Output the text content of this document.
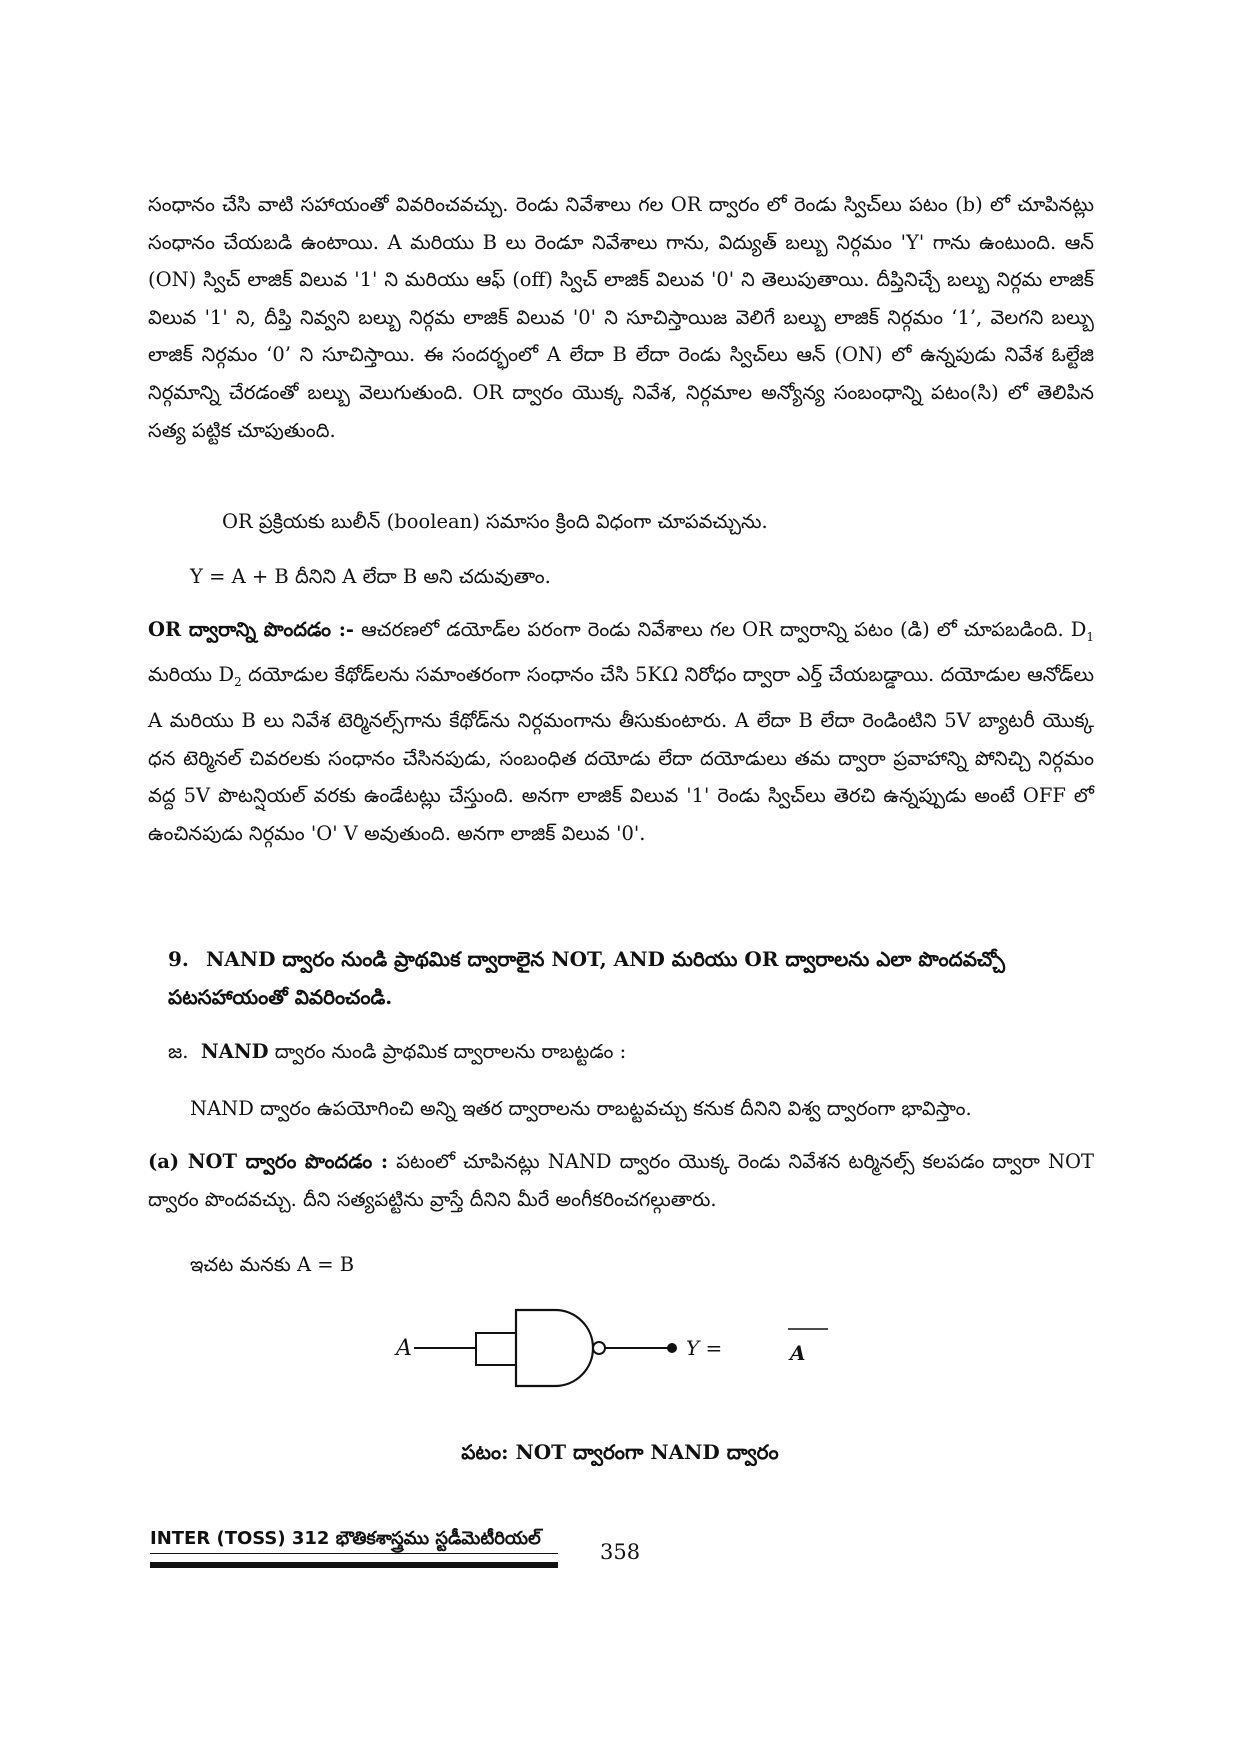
సంధానం చేసి వాటి సహాయంతో వివరించవచ్చు. రెండు నివేశాలు గల OR ద్వారం లో రెండు స్విచ్‌లు పటం (b) లో చూపినట్లు సంధానం చేయబడి ఉంటాయి. A మరియు B లు రెండూ నివేశాలు గాను, విద్యుత్ బల్బు నిర్గమం 'Y' గాను ఉంటుంది. ఆన్ (ON) స్విచ్ లాజిక్ విలువ '1' ని మరియు ఆఫ్ (off) స్విచ్ లాజిక్ విలువ '0' ని తెలుపుతాయి. దీప్తినిచ్చే బల్బు నిర్గమ లాజిక్ విలువ '1' ని, దీప్తి నివ్వని బల్బు నిర్గమ లాజిక్ విలువ '0' ని సూచిస్తాయిజ వెలిగే బల్బు లాజిక్ నిర్గమం ‘1’, వెలగని బల్బు లాజిక్ నిర్గమం ‘0’ ని సూచిస్తాయి. ఈ సందర్భంలో A లేదా B లేదా రెండు స్విచ్‌లు ఆన్ (ON) లో ఉన్నపుడు నివేశ ఓల్టేజి నిర్గమాన్ని చేరడంతో బల్బు వెలుగుతుంది. OR ద్వారం యొక్క నివేశ, నిర్గమాల అన్యోన్య సంబంధాన్ని పటం(సి) లో తెలిపిన సత్య పట్టిక చూపుతుంది.

OR ప్రక్రియకు బులీన్ (boolean) సమాసం క్రింది విధంగా చూపవచ్చును.
Y = A + B దీనిని A లేదా B అని చదువుతాం.

OR ద్వారాన్ని పొందడం :- ఆచరణలో డయోడ్‌ల పరంగా రెండు నివేశాలు గల OR ద్వారాన్ని పటం (డి) లో చూపబడింది. $D_1$ మరియు $D_2$ దయోడుల కేథోడ్‌లను సమాంతరంగా సంధానం చేసి 5KΩ నిరోధం ద్వారా ఎర్త్ చేయబడ్డాయి. దయోడుల ఆనోడ్‌లు A మరియు B లు నివేశ టెర్మినల్స్‌గాను కేథోడ్‌ను నిర్గమంగాను తీసుకుంటారు. A లేదా B లేదా రెండింటిని 5V బ్యాటరీ యొక్క ధన టెర్మినల్ చివరలకు సంధానం చేసినపుడు, సంబంధిత దయోడు లేదా దయోడులు తమ ద్వారా ప్రవాహాన్ని పోనిచ్చి నిర్గమం వద్ద 5V పొటన్షియల్ వరకు ఉండేటట్లు చేస్తుంది. అనగా లాజిక్ విలువ '1' రెండు స్విచ్‌లు తెరచి ఉన్నప్పుడు అంటే OFF లో ఉంచినపుడు నిర్గమం 'O' V అవుతుంది. అనగా లాజిక్ విలువ '0'.

9. NAND ద్వారం నుండి ప్రాథమిక ద్వారాలైన NOT, AND మరియు OR ద్వారాలను ఎలా పొందవచ్చో పటసహాయంతో వివరించండి.
జ. NAND ద్వారం నుండి ప్రాథమిక ద్వారాలను రాబట్టడం :
NAND ద్వారం ఉపయోగించి అన్ని ఇతర ద్వారాలను రాబట్టవచ్చు కనుక దీనిని విశ్వ ద్వారంగా భావిస్తాం.

(a) NOT ద్వారం పొందడం : పటంలో చూపినట్లు NAND ద్వారం యొక్క రెండు నివేశన టర్మినల్స్ కలపడం ద్వారా NOT ద్వారం పొందవచ్చు. దీని సత్యపట్టిను వ్రాస్తే దీనిని మీరే అంగీకరించగల్గుతారు.

ఇచట మనకు A = B
A	Y =	A
పటం: NOT ద్వారంగా NAND ద్వారం
INTER (TOSS) 312 భౌతికశాస్త్రము స్టడీమెటీరియల్
358
